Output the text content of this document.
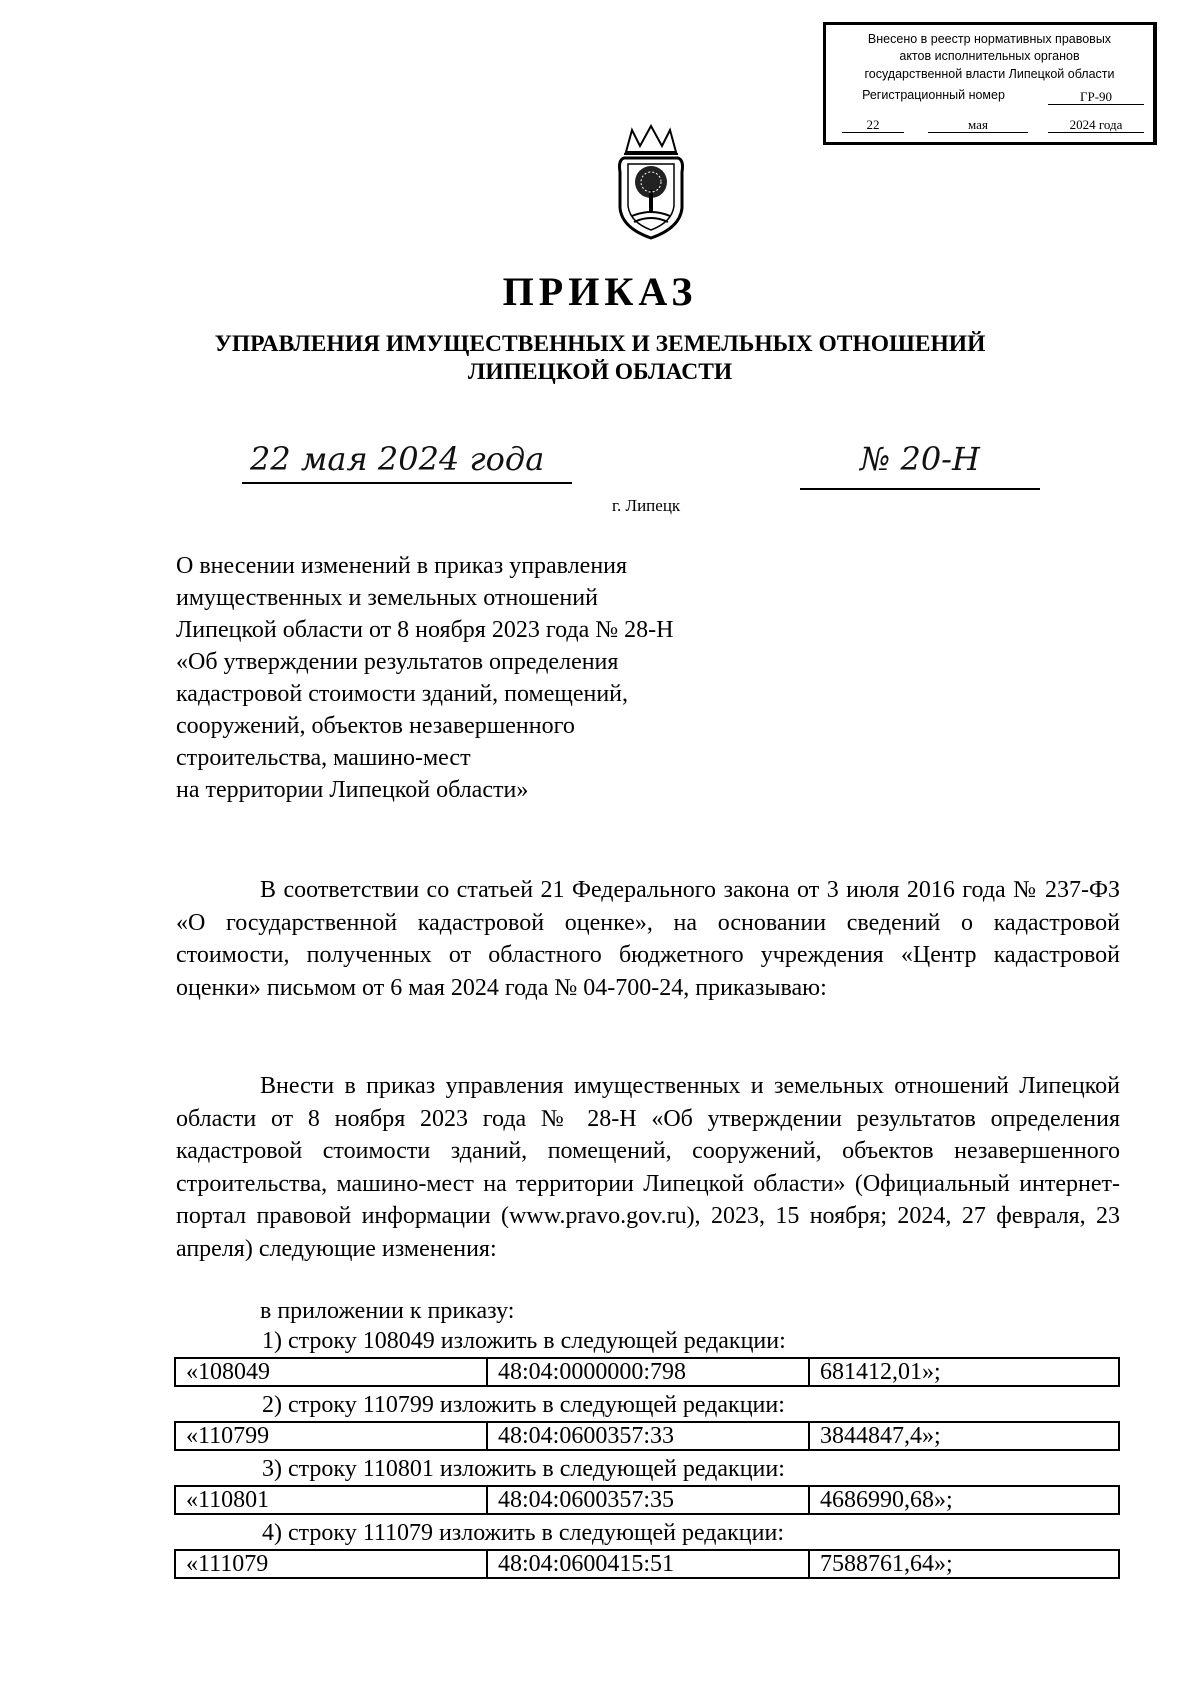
Внесено в реестр нормативных правовых
актов исполнительных органов
государственной власти Липецкой области
Регистрационный номер	ГР-90
22	мая	2024 года
ПРИКАЗ
УПРАВЛЕНИЯ ИМУЩЕСТВЕННЫХ И ЗЕМЕЛЬНЫХ ОТНОШЕНИЙ
ЛИПЕЦКОЙ ОБЛАСТИ
22 мая 2024 года	№ 20-Н
г. Липецк
О внесении изменений в приказ управления
имущественных и земельных отношений
Липецкой области от 8 ноября 2023 года № 28-Н
«Об утверждении результатов определения
кадастровой стоимости зданий, помещений,
сооружений, объектов незавершенного
строительства, машино-мест
на территории Липецкой области»
В соответствии со статьей 21 Федерального закона от 3 июля 2016 года № 237-ФЗ «О государственной кадастровой оценке», на основании сведений о кадастровой стоимости, полученных от областного бюджетного учреждения «Центр кадастровой оценки» письмом от 6 мая 2024 года № 04-700-24, приказываю:
Внести в приказ управления имущественных и земельных отношений Липецкой области от 8 ноября 2023 года № 28-Н «Об утверждении результатов определения кадастровой стоимости зданий, помещений, сооружений, объектов незавершенного строительства, машино-мест на территории Липецкой области» (Официальный интернет-портал правовой информации (www.pravo.gov.ru), 2023, 15 ноября; 2024, 27 февраля, 23 апреля) следующие изменения:
в приложении к приказу:
1) строку 108049 изложить в следующей редакции:
«108049	48:04:0000000:798	681412,01»;
2) строку 110799 изложить в следующей редакции:
«110799	48:04:0600357:33	3844847,4»;
3) строку 110801 изложить в следующей редакции:
«110801	48:04:0600357:35	4686990,68»;
4) строку 111079 изложить в следующей редакции:
«111079	48:04:0600415:51	7588761,64»;
